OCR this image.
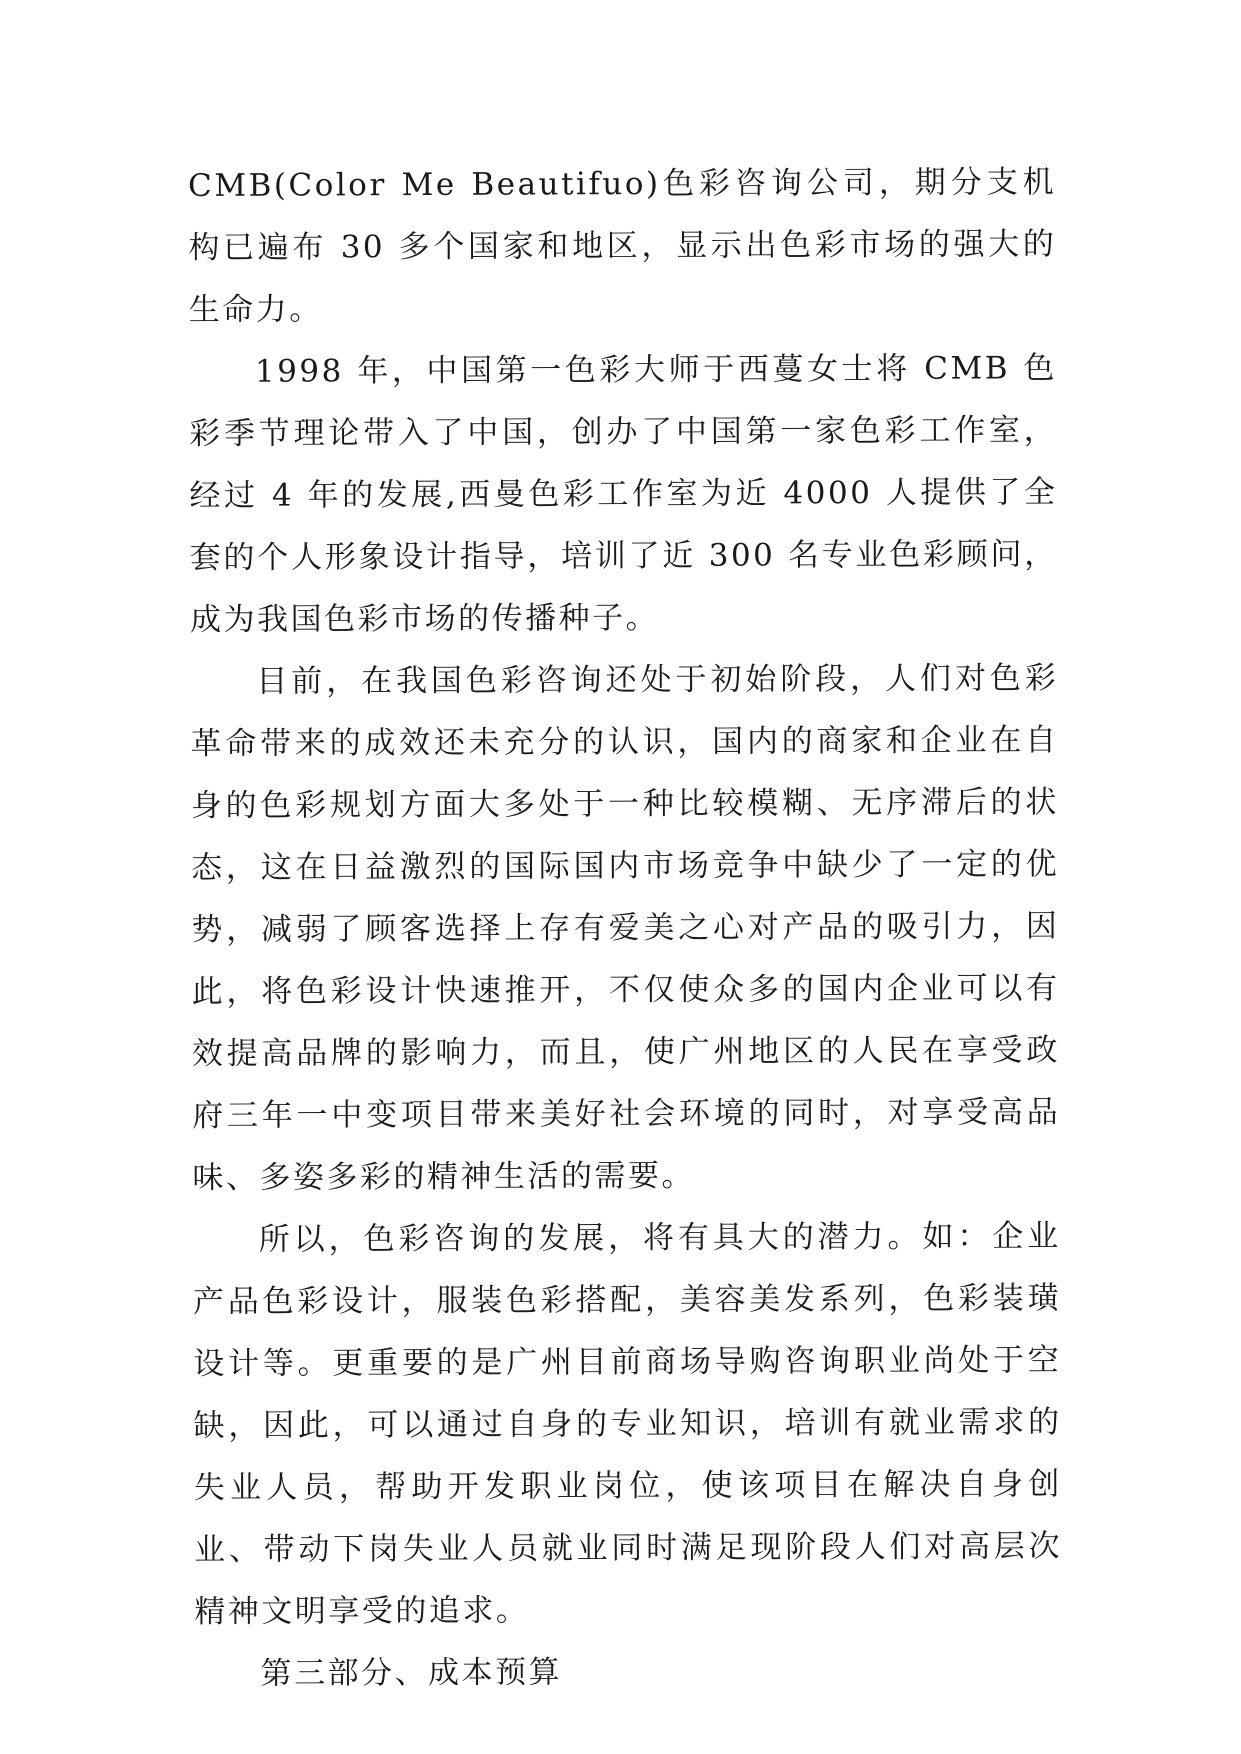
CMB(Color Me Beautifuo)色彩咨询公司，期分支机构已遍布 30 多个国家和地区，显示出色彩市场的强大的生命力。

1998 年，中国第一色彩大师于西蔓女士将 CMB 色彩季节理论带入了中国，创办了中国第一家色彩工作室，经过 4 年的发展,西曼色彩工作室为近 4000 人提供了全套的个人形象设计指导，培训了近 300 名专业色彩顾问，成为我国色彩市场的传播种子。

目前，在我国色彩咨询还处于初始阶段，人们对色彩革命带来的成效还未充分的认识，国内的商家和企业在自身的色彩规划方面大多处于一种比较模糊、无序滞后的状态，这在日益激烈的国际国内市场竞争中缺少了一定的优势，减弱了顾客选择上存有爱美之心对产品的吸引力，因此，将色彩设计快速推开，不仅使众多的国内企业可以有效提高品牌的影响力，而且，使广州地区的人民在享受政府三年一中变项目带来美好社会环境的同时，对享受高品味、多姿多彩的精神生活的需要。

所以，色彩咨询的发展，将有具大的潜力。如：企业产品色彩设计，服装色彩搭配，美容美发系列，色彩装璜设计等。更重要的是广州目前商场导购咨询职业尚处于空缺，因此，可以通过自身的专业知识，培训有就业需求的失业人员，帮助开发职业岗位，使该项目在解决自身创业、带动下岗失业人员就业同时满足现阶段人们对高层次精神文明享受的追求。

第三部分、成本预算
